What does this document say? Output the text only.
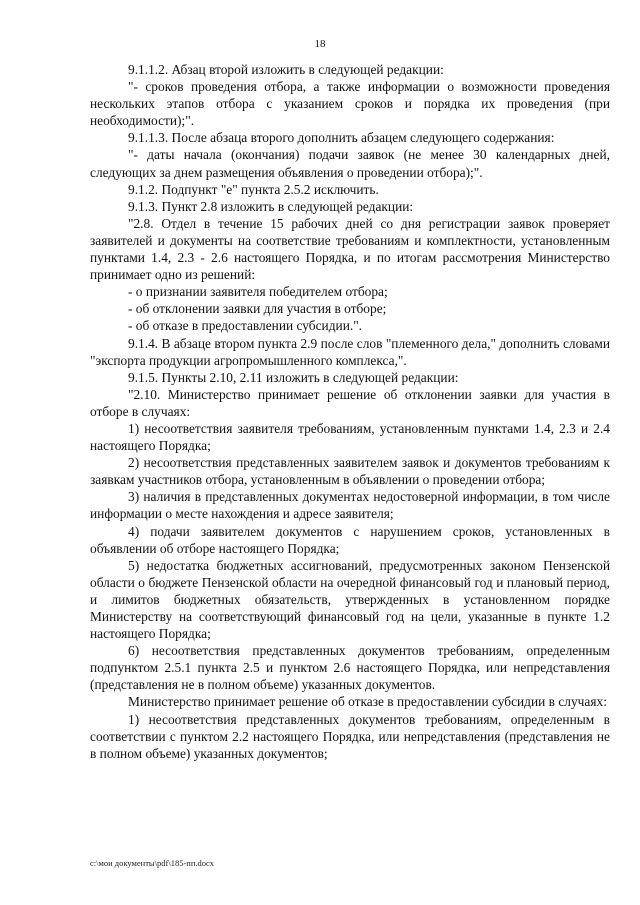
18

9.1.1.2. Абзац второй изложить в следующей редакции:

"- сроков проведения отбора, а также информации о возможности проведения нескольких этапов отбора с указанием сроков и порядка их проведения (при необходимости);".

9.1.1.3. После абзаца второго дополнить абзацем следующего содержания:

"- даты начала (окончания) подачи заявок (не менее 30 календарных дней, следующих за днем размещения объявления о проведении отбора);".

9.1.2. Подпункт "е" пункта 2.5.2 исключить.

9.1.3. Пункт 2.8 изложить в следующей редакции:

"2.8. Отдел в течение 15 рабочих дней со дня регистрации заявок проверяет заявителей и документы на соответствие требованиям и комплектности, установленным пунктами 1.4, 2.3 - 2.6 настоящего Порядка, и по итогам рассмотрения Министерство принимает одно из решений:

- о признании заявителя победителем отбора;

- об отклонении заявки для участия в отборе;

- об отказе в предоставлении субсидии.".

9.1.4. В абзаце втором пункта 2.9 после слов "племенного дела," дополнить словами "экспорта продукции агропромышленного комплекса,".

9.1.5. Пункты 2.10, 2.11 изложить в следующей редакции:

"2.10. Министерство принимает решение об отклонении заявки для участия в отборе в случаях:

1) несоответствия заявителя требованиям, установленным пунктами 1.4, 2.3 и 2.4 настоящего Порядка;

2) несоответствия представленных заявителем заявок и документов требованиям к заявкам участников отбора, установленным в объявлении о проведении отбора;

3) наличия в представленных документах недостоверной информации, в том числе информации о месте нахождения и адресе заявителя;

4) подачи заявителем документов с нарушением сроков, установленных в объявлении об отборе настоящего Порядка;

5) недостатка бюджетных ассигнований, предусмотренных законом Пензенской области о бюджете Пензенской области на очередной финансовый год и плановый период, и лимитов бюджетных обязательств, утвержденных в установленном порядке Министерству на соответствующий финансовый год на цели, указанные в пункте 1.2 настоящего Порядка;

6) несоответствия представленных документов требованиям, определенным подпунктом 2.5.1 пункта 2.5 и пунктом 2.6 настоящего Порядка, или непредставления (представления не в полном объеме) указанных документов.

Министерство принимает решение об отказе в предоставлении субсидии в случаях:

1) несоответствия представленных документов требованиям, определенным в соответствии с пунктом 2.2 настоящего Порядка, или непредставления (представления не в полном объеме) указанных документов;

c:\мои документы\pdf\185-пп.docx
